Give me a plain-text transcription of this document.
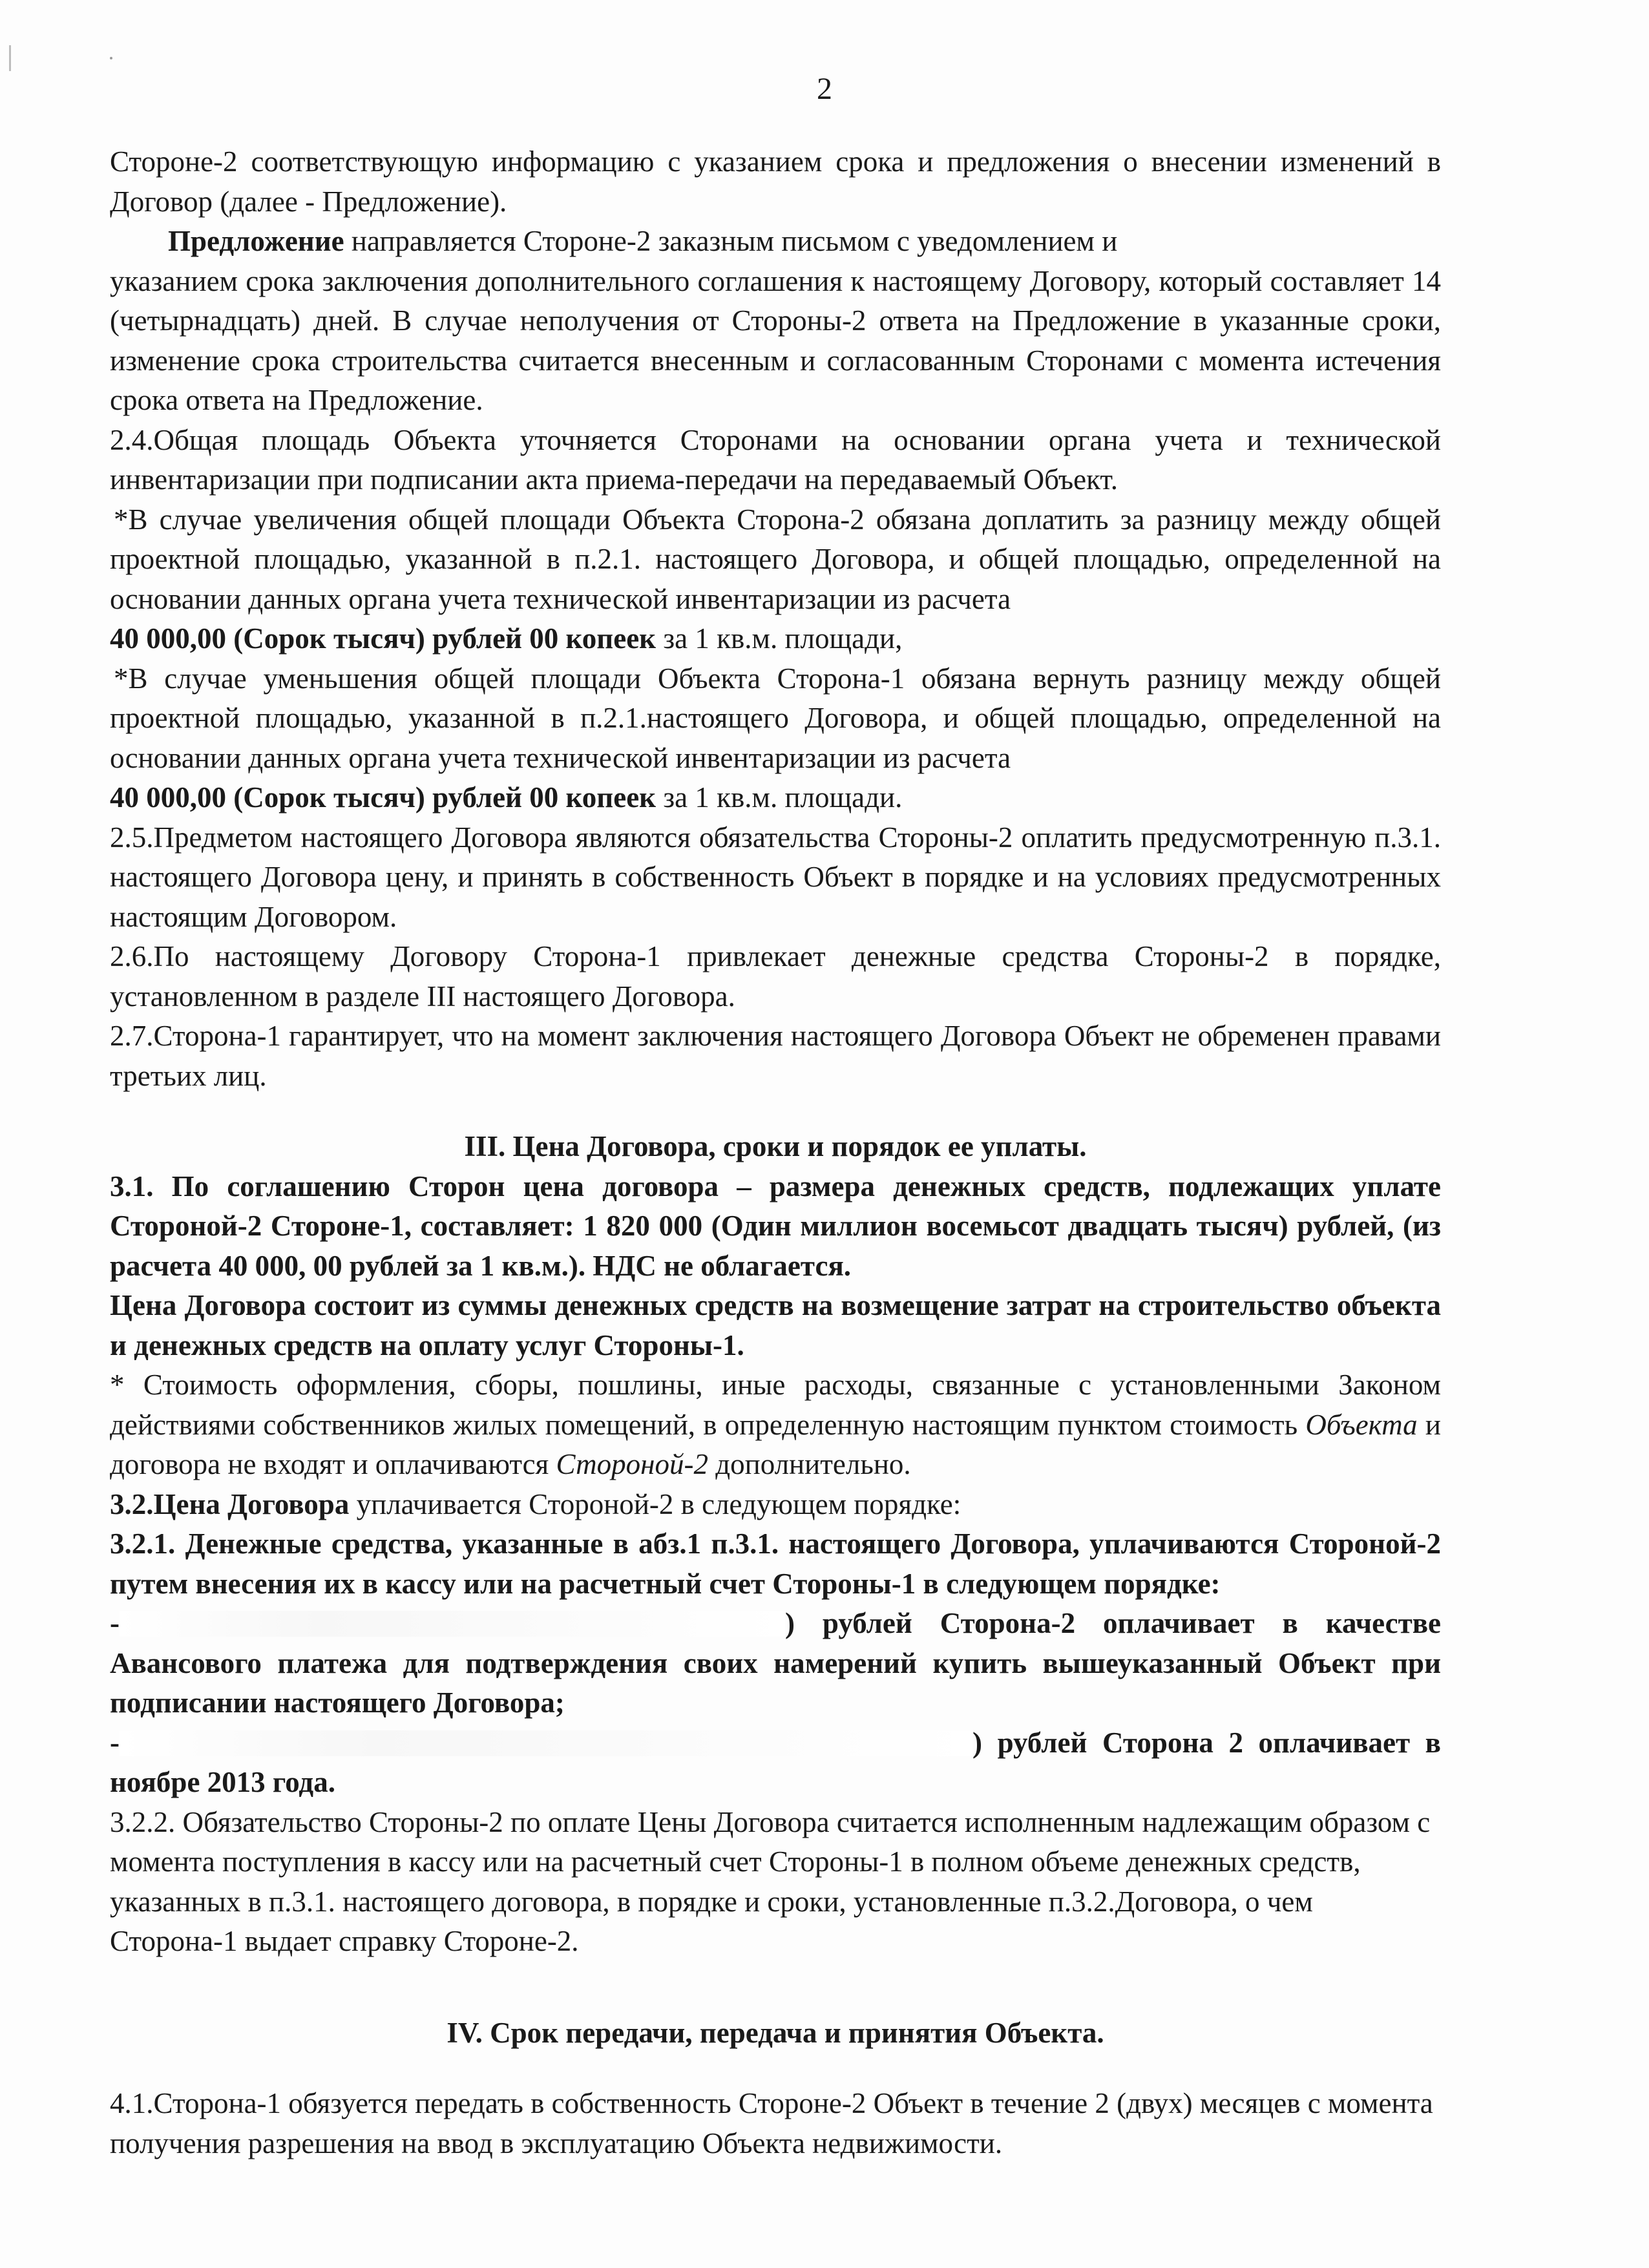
2

Стороне-2 соответствующую информацию с указанием срока и предложения о внесении изменений в Договор (далее - Предложение).

Предложение направляется Стороне-2 заказным письмом с уведомлением и

указанием срока заключения дополнительного соглашения к настоящему Договору, который составляет 14 (четырнадцать) дней. В случае неполучения от Стороны-2 ответа на Предложение в указанные сроки, изменение срока строительства считается внесенным и согласованным Сторонами с момента истечения срока ответа на Предложение.

2.4.Общая площадь Объекта уточняется Сторонами на основании органа учета и технической инвентаризации при подписании акта приема-передачи на передаваемый Объект.

*В случае увеличения общей площади Объекта Сторона-2 обязана доплатить за разницу между общей проектной площадью, указанной в п.2.1. настоящего Договора, и общей площадью, определенной на основании данных органа учета технической инвентаризации из расчета

40 000,00 (Сорок тысяч) рублей 00 копеек за 1 кв.м. площади,

*В случае уменьшения общей площади Объекта Сторона-1 обязана вернуть разницу между общей проектной площадью, указанной в п.2.1.настоящего Договора, и общей площадью, определенной на основании данных органа учета технической инвентаризации из расчета

40 000,00 (Сорок тысяч) рублей 00 копеек за 1 кв.м. площади.

2.5.Предметом настоящего Договора являются обязательства Стороны-2 оплатить предусмотренную п.3.1. настоящего Договора цену, и принять в собственность Объект в порядке и на условиях предусмотренных настоящим Договором.

2.6.По настоящему Договору Сторона-1 привлекает денежные средства Стороны-2 в порядке, установленном в разделе III настоящего Договора.

2.7.Сторона-1 гарантирует, что на момент заключения настоящего Договора Объект не обременен правами третьих лиц.

III. Цена Договора, сроки и порядок ее уплаты.

3.1. По соглашению Сторон цена договора – размера денежных средств, подлежащих уплате Стороной-2 Стороне-1, составляет: 1 820 000 (Один миллион восемьсот двадцать тысяч) рублей, (из расчета 40 000, 00 рублей за 1 кв.м.). НДС не облагается.

Цена Договора состоит из суммы денежных средств на возмещение затрат на строительство объекта и денежных средств на оплату услуг Стороны-1.

* Стоимость оформления, сборы, пошлины, иные расходы, связанные с установленными Законом действиями собственников жилых помещений, в определенную настоящим пунктом стоимость Объекта и договора не входят и оплачиваются Стороной-2 дополнительно.

3.2.Цена Договора уплачивается Стороной-2 в следующем порядке:

3.2.1. Денежные средства, указанные в абз.1 п.3.1. настоящего Договора, уплачиваются Стороной-2 путем внесения их в кассу или на расчетный счет Стороны-1 в следующем порядке:

-	) рублей Сторона-2 оплачивает в качестве

Авансового платежа для подтверждения своих намерений купить вышеуказанный Объект при подписании настоящего Договора;

-	) рублей Сторона 2 оплачивает в

ноябре 2013 года.

3.2.2. Обязательство Стороны-2 по оплате Цены Договора считается исполненным надлежащим образом с момента поступления в кассу или на расчетный счет Стороны-1 в полном объеме денежных средств, указанных в п.3.1. настоящего договора, в порядке и сроки, установленные п.3.2.Договора, о чем Сторона-1 выдает справку Стороне-2.

IV. Срок передачи, передача и принятия Объекта.

4.1.Сторона-1 обязуется передать в собственность Стороне-2 Объект в течение 2 (двух) месяцев с момента получения разрешения на ввод в эксплуатацию Объекта недвижимости.
